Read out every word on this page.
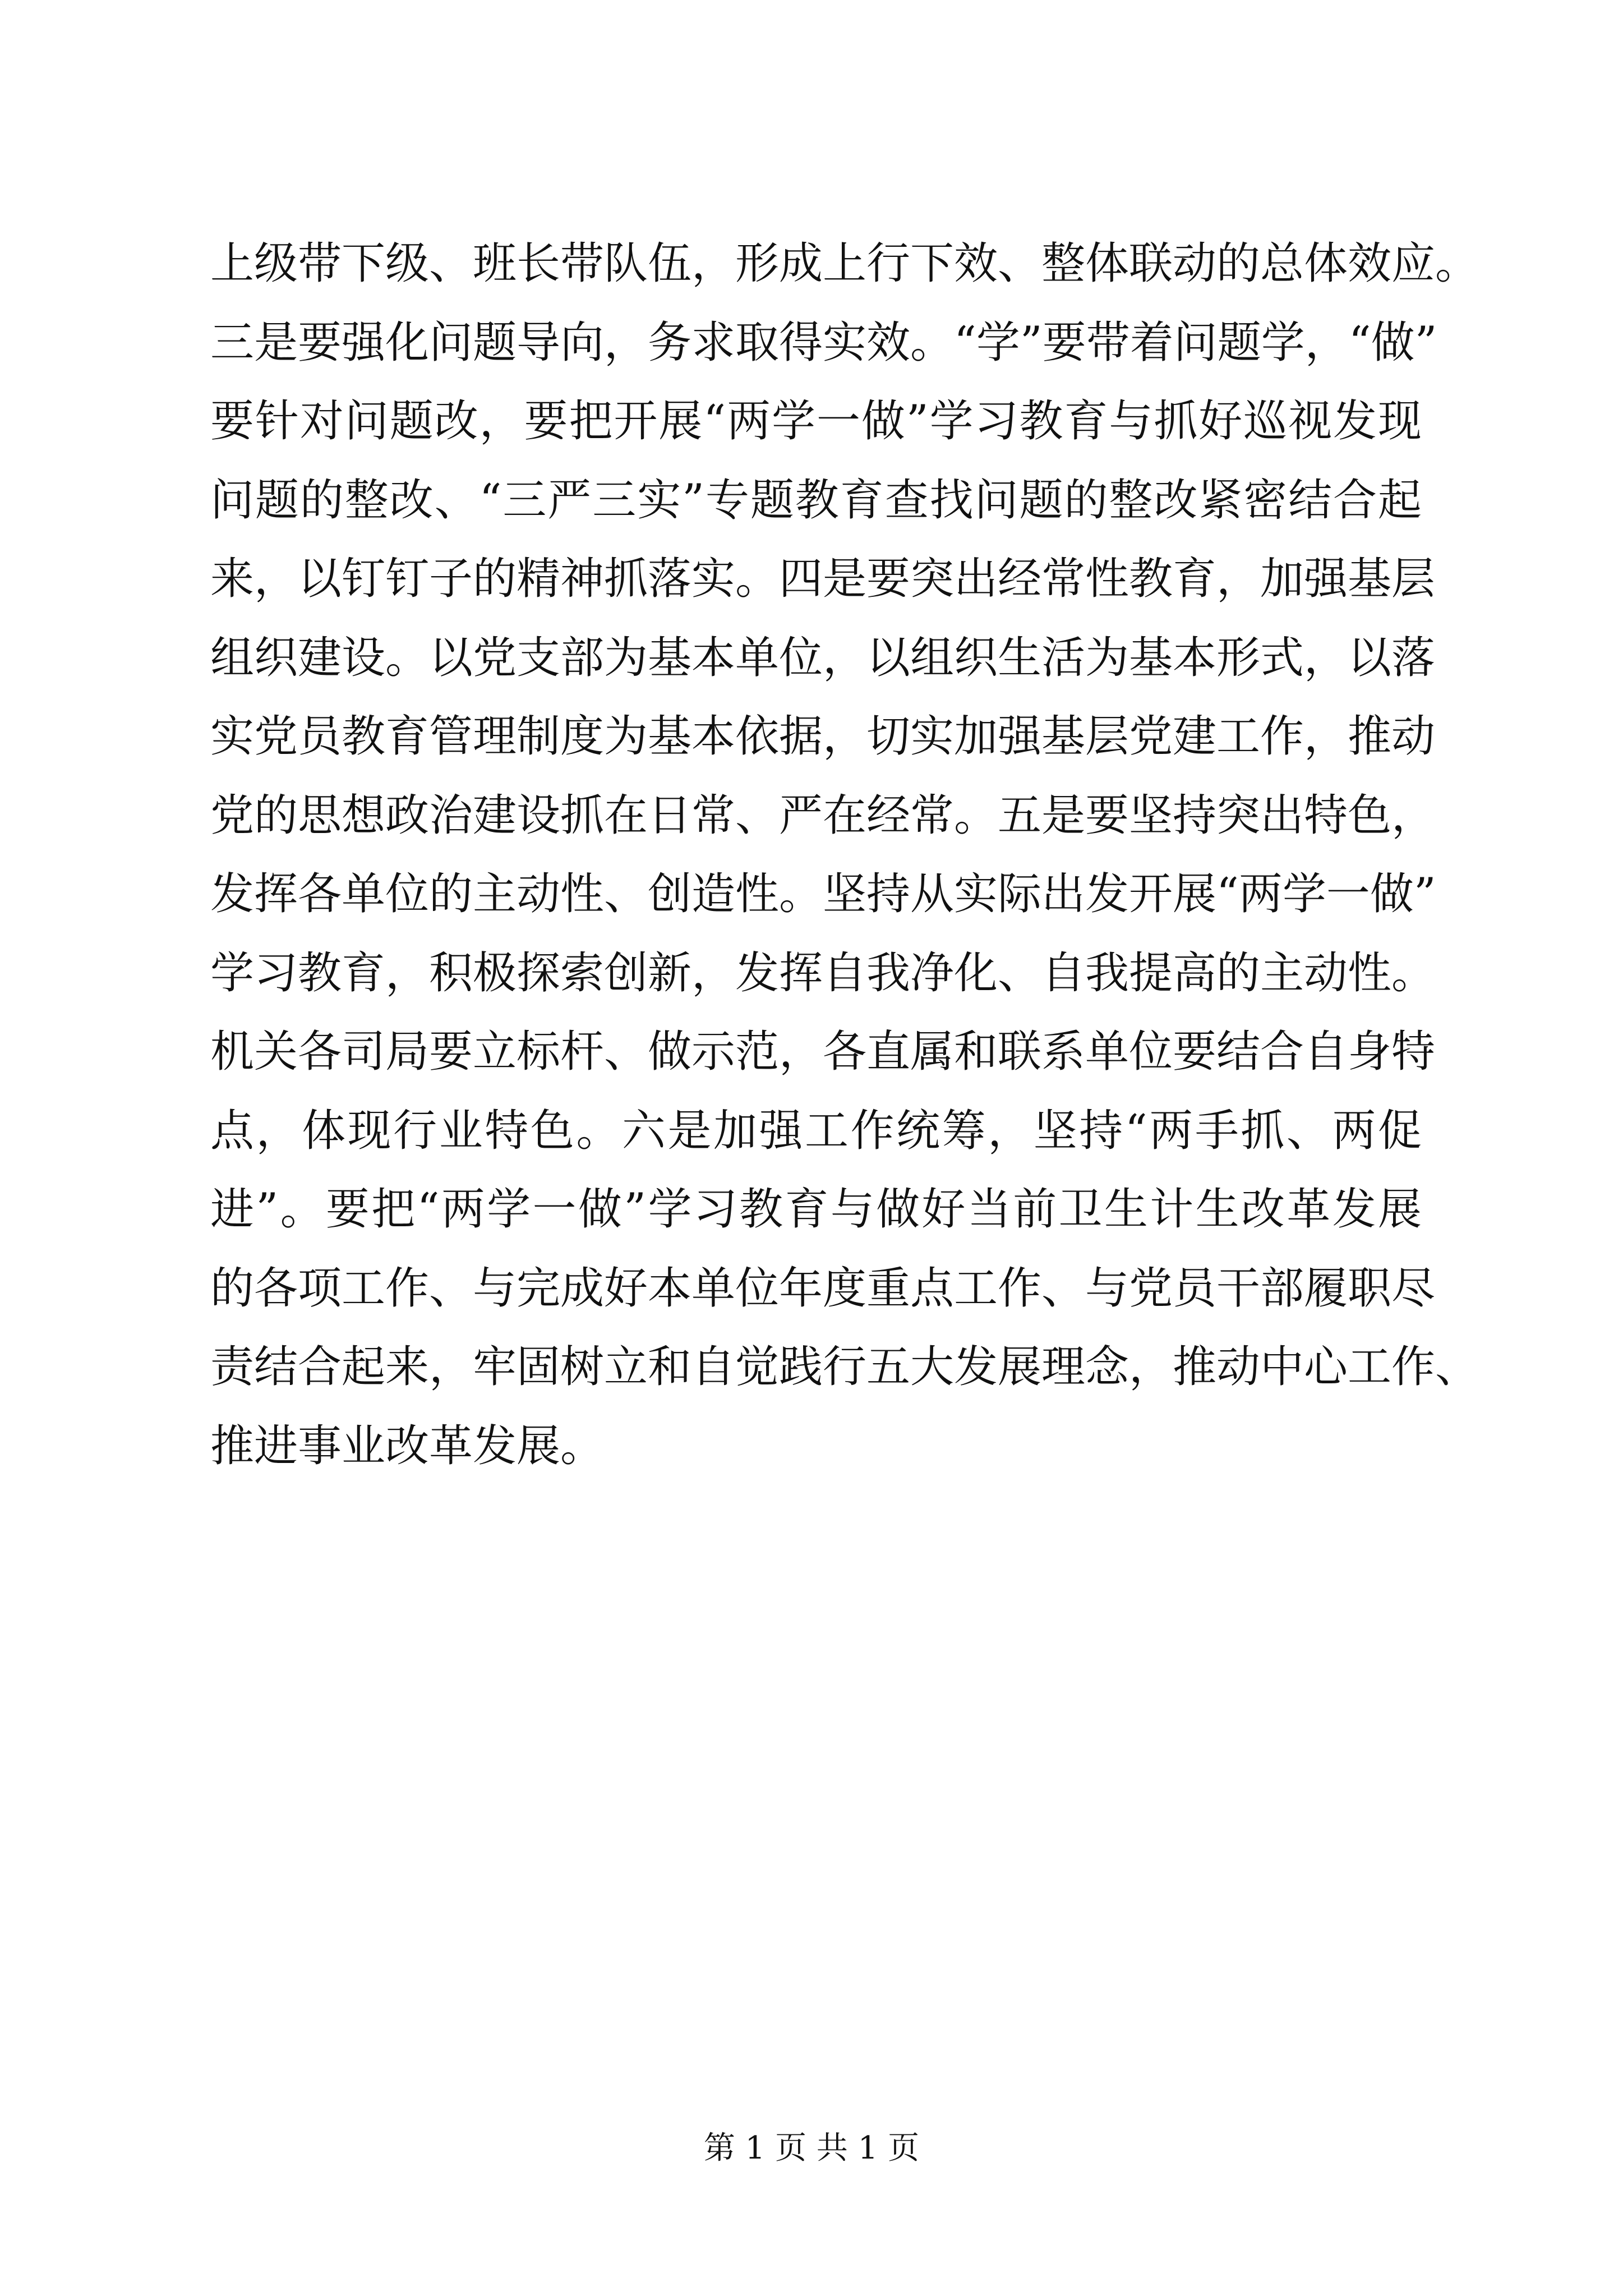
上级带下级、班长带队伍，形成上行下效、整体联动的总体效应。
三是要强化问题导向，务求取得实效。“学”要带着问题学，“做”
要针对问题改，要把开展“两学一做”学习教育与抓好巡视发现
问题的整改、“三严三实”专题教育查找问题的整改紧密结合起
来，以钉钉子的精神抓落实。四是要突出经常性教育，加强基层
组织建设。以党支部为基本单位，以组织生活为基本形式，以落
实党员教育管理制度为基本依据，切实加强基层党建工作，推动
党的思想政治建设抓在日常、严在经常。五是要坚持突出特色，
发挥各单位的主动性、创造性。坚持从实际出发开展“两学一做”
学习教育，积极探索创新，发挥自我净化、自我提高的主动性。
机关各司局要立标杆、做示范，各直属和联系单位要结合自身特
点，体现行业特色。六是加强工作统筹，坚持“两手抓、两促
进”。要把“两学一做”学习教育与做好当前卫生计生改革发展
的各项工作、与完成好本单位年度重点工作、与党员干部履职尽
责结合起来，牢固树立和自觉践行五大发展理念，推动中心工作、
推进事业改革发展。
第 1 页 共 1 页
